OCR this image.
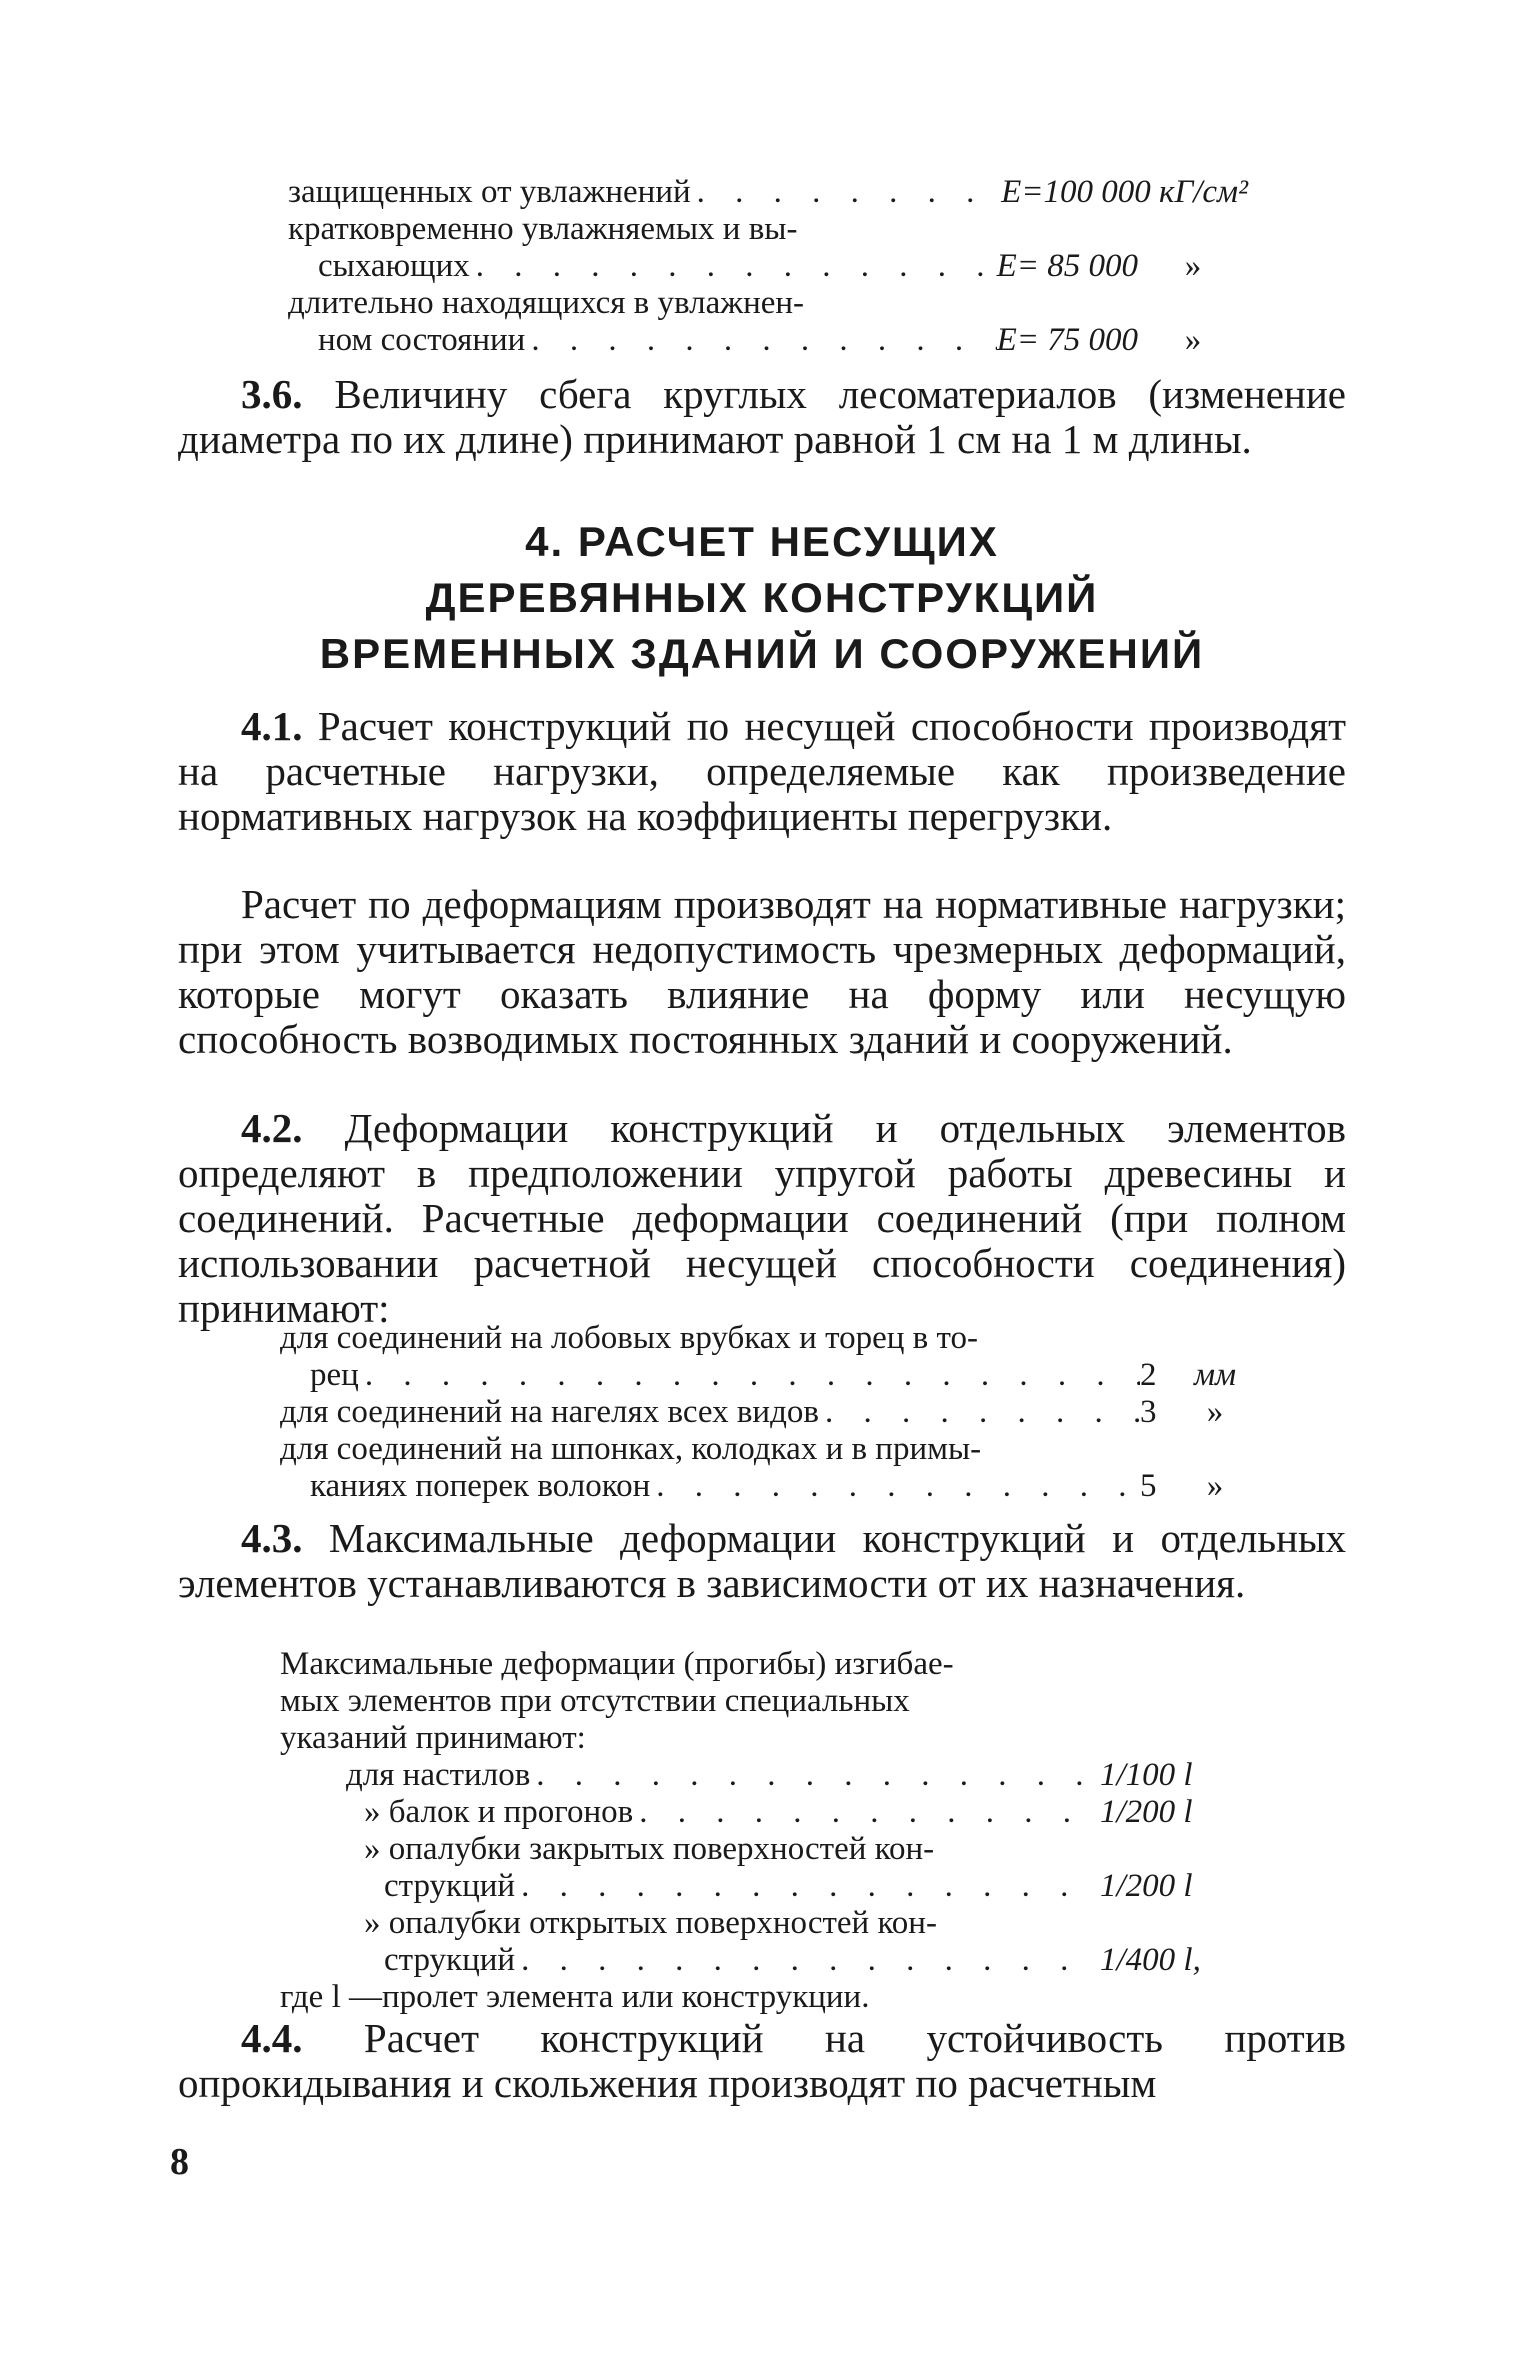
защищенных от увлажнений . . .	E=100 000 кГ/см²
кратковременно увлажняемых и вы-
сыхающих . . .	E= 85 000	»
длительно находящихся в увлажнен-
ном состоянии . . .	E= 75 000	»

3.6. Величину сбега круглых лесоматериалов (изменение диаметра по их длине) принимают равной 1 см на 1 м длины.

4. РАСЧЕТ НЕСУЩИХ
ДЕРЕВЯННЫХ КОНСТРУКЦИЙ
ВРЕМЕННЫХ ЗДАНИЙ И СООРУЖЕНИЙ

4.1. Расчет конструкций по несущей способности производят на расчетные нагрузки, определяемые как произведение нормативных нагрузок на коэффициенты перегрузки.

Расчет по деформациям производят на нормативные нагрузки; при этом учитывается недопустимость чрезмерных деформаций, которые могут оказать влияние на форму или несущую способность возводимых постоянных зданий и сооружений.

4.2. Деформации конструкций и отдельных элементов определяют в предположении упругой работы древесины и соединений. Расчетные деформации соединений (при полном использовании расчетной несущей способности соединения) принимают:

для соединений на лобовых врубках и торец в то-
рец . . .	2	мм
для соединений на нагелях всех видов . . .	3	»
для соединений на шпонках, колодках и в примы-
каниях поперек волокон . . .	5	»

4.3. Максимальные деформации конструкций и отдельных элементов устанавливаются в зависимости от их назначения.

Максимальные деформации (прогибы) изгибае-
мых элементов при отсутствии специальных
указаний принимают:
для настилов . . .	1/100 l
» балок и прогонов . . .	1/200 l
» опалубки закрытых поверхностей кон-
струкций . . .	1/200 l
» опалубки открытых поверхностей кон-
струкций . . .	1/400 l,
где l —пролет элемента или конструкции.

4.4. Расчет конструкций на устойчивость против опрокидывания и скольжения производят по расчетным

8
